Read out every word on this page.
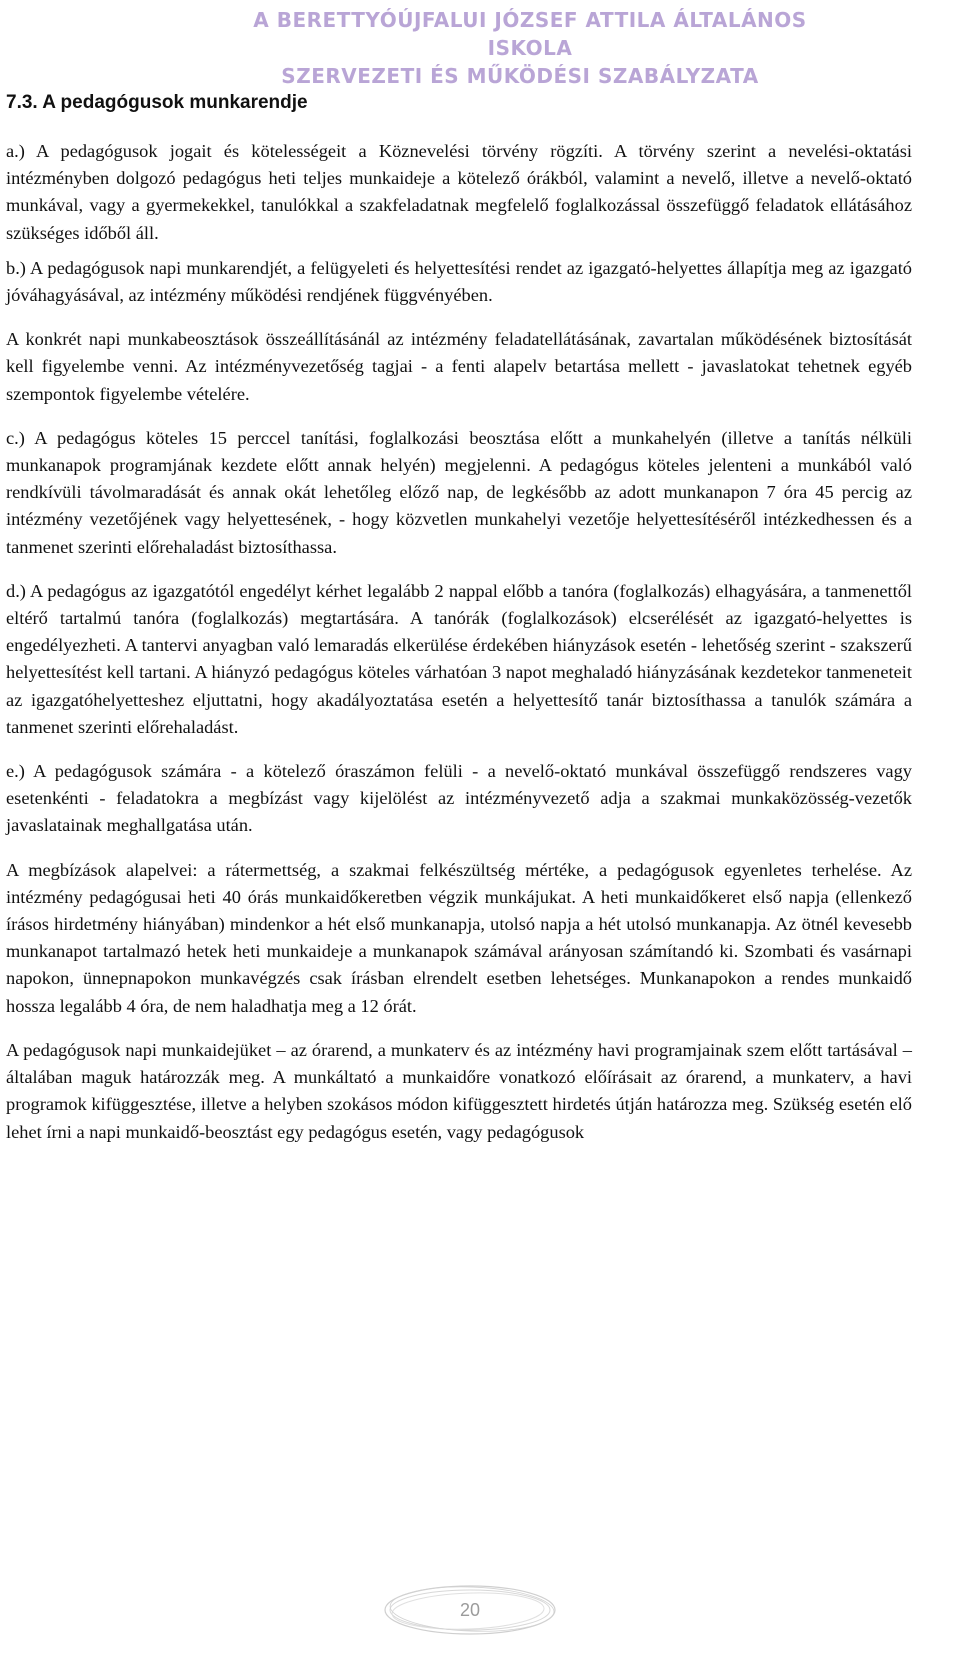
A BERETTYÓÚJFALUI JÓZSEF ATTILA ÁLTALÁNOS ISKOLA
SZERVEZETI ÉS MŰKÖDÉSI SZABÁLYZATA
7.3. A pedagógusok munkarendje

a.) A pedagógusok jogait és kötelességeit a Köznevelési törvény rögzíti. A törvény szerint a nevelési-oktatási intézményben dolgozó pedagógus heti teljes munkaideje a kötelező órákból, valamint a nevelő, illetve a nevelő-oktató munkával, vagy a gyermekekkel, tanulókkal a szakfeladatnak megfelelő foglalkozással összefüggő feladatok ellátásához szükséges időből áll.

b.) A pedagógusok napi munkarendjét, a felügyeleti és helyettesítési rendet az igazgató-helyettes állapítja meg az igazgató jóváhagyásával, az intézmény működési rendjének függvényében.

A konkrét napi munkabeosztások összeállításánál az intézmény feladatellátásának, zavartalan működésének biztosítását kell figyelembe venni. Az intézményvezetőség tagjai - a fenti alapelv betartása mellett - javaslatokat tehetnek egyéb szempontok figyelembe vételére.

c.) A pedagógus köteles 15 perccel tanítási, foglalkozási beosztása előtt a munkahelyén (illetve a tanítás nélküli munkanapok programjának kezdete előtt annak helyén) megjelenni. A pedagógus köteles jelenteni a munkából való rendkívüli távolmaradását és annak okát lehetőleg előző nap, de legkésőbb az adott munkanapon 7 óra 45 percig az intézmény vezetőjének vagy helyettesének, - hogy közvetlen munkahelyi vezetője helyettesítéséről intézkedhessen és a tanmenet szerinti előrehaladást biztosíthassa.

d.) A pedagógus az igazgatótól engedélyt kérhet legalább 2 nappal előbb a tanóra (foglalkozás) elhagyására, a tanmenettől eltérő tartalmú tanóra (foglalkozás) megtartására. A tanórák (foglalkozások) elcserélését az igazgató-helyettes is engedélyezheti. A tantervi anyagban való lemaradás elkerülése érdekében hiányzások esetén - lehetőség szerint - szakszerű helyettesítést kell tartani. A hiányzó pedagógus köteles várhatóan 3 napot meghaladó hiányzásának kezdetekor tanmeneteit az igazgatóhelyetteshez eljuttatni, hogy akadályoztatása esetén a helyettesítő tanár biztosíthassa a tanulók számára a tanmenet szerinti előrehaladást.

e.) A pedagógusok számára - a kötelező óraszámon felüli - a nevelő-oktató munkával összefüggő rendszeres vagy esetenkénti - feladatokra a megbízást vagy kijelölést az intézményvezető adja a szakmai munkaközösség-vezetők javaslatainak meghallgatása után.

A megbízások alapelvei: a rátermettség, a szakmai felkészültség mértéke, a pedagógusok egyenletes terhelése. Az intézmény pedagógusai heti 40 órás munkaidőkeretben végzik munkájukat. A heti munkaidőkeret első napja (ellenkező írásos hirdetmény hiányában) mindenkor a hét első munkanapja, utolsó napja a hét utolsó munkanapja. Az ötnél kevesebb munkanapot tartalmazó hetek heti munkaideje a munkanapok számával arányosan számítandó ki. Szombati és vasárnapi napokon, ünnepnapokon munkavégzés csak írásban elrendelt esetben lehetséges. Munkanapokon a rendes munkaidő hossza legalább 4 óra, de nem haladhatja meg a 12 órát.

A pedagógusok napi munkaidejüket – az órarend, a munkaterv és az intézmény havi programjainak szem előtt tartásával – általában maguk határozzák meg. A munkáltató a munkaidőre vonatkozó előírásait az órarend, a munkaterv, a havi programok kifüggesztése, illetve a helyben szokásos módon kifüggesztett hirdetés útján határozza meg. Szükség esetén elő lehet írni a napi munkaidő-beosztást egy pedagógus esetén, vagy pedagógusok

20
